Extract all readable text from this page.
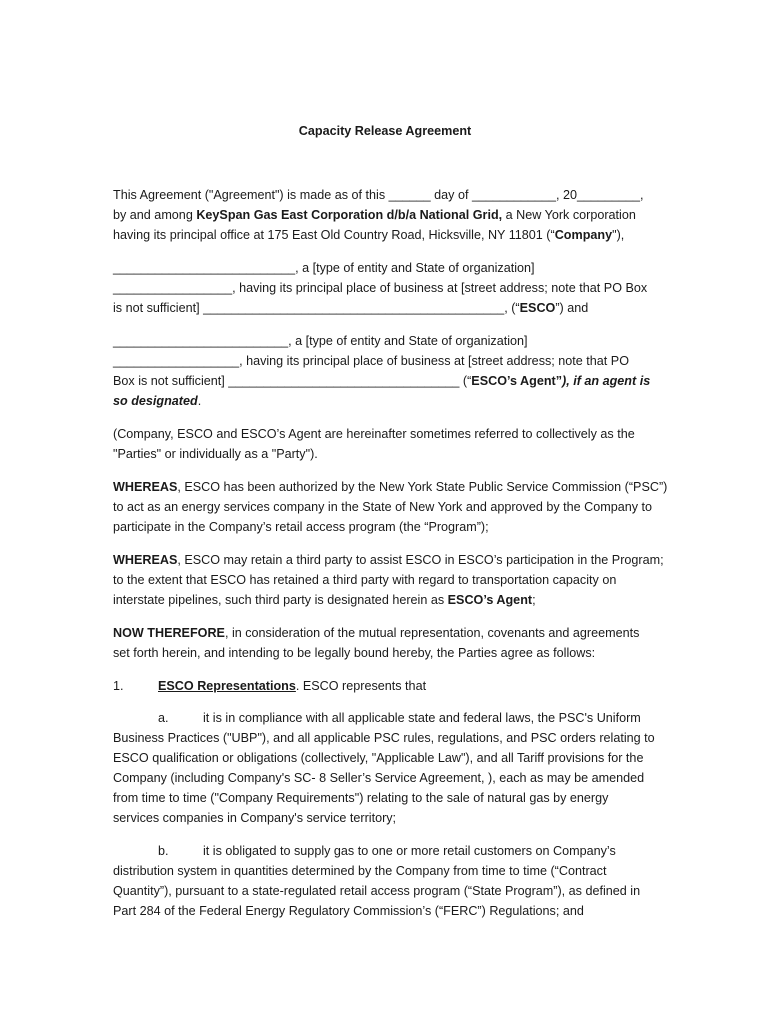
Capacity Release Agreement
This Agreement ("Agreement") is made as of this ______ day of ____________, 20_________,
by and among KeySpan Gas East Corporation d/b/a National Grid, a New York corporation
having its principal office at 175 East Old Country Road, Hicksville, NY 11801 (“Company"),
__________________________, a [type of entity and State of organization]
_________________, having its principal place of business at [street address; note that PO Box
is not sufficient] ___________________________________________, (“ESCO”) and
_________________________, a [type of entity and State of organization]
__________________, having its principal place of business at [street address; note that PO
Box is not sufficient] _________________________________ (“ESCO’s Agent”), if an agent is
so designated.
(Company, ESCO and ESCO’s Agent are hereinafter sometimes referred to collectively as the
"Parties" or individually as a "Party").
WHEREAS, ESCO has been authorized by the New York State Public Service Commission (“PSC”)
to act as an energy services company in the State of New York and approved by the Company to
participate in the Company’s retail access program (the “Program”);
WHEREAS, ESCO may retain a third party to assist ESCO in ESCO’s participation in the Program;
to the extent that ESCO has retained a third party with regard to transportation capacity on
interstate pipelines, such third party is designated herein as ESCO’s Agent;
NOW THEREFORE, in consideration of the mutual representation, covenants and agreements
set forth herein, and intending to be legally bound hereby, the Parties agree as follows:
1.	ESCO Representations. ESCO represents that
a.	it is in compliance with all applicable state and federal laws, the PSC's Uniform
Business Practices ("UBP"), and all applicable PSC rules, regulations, and PSC orders relating to
ESCO qualification or obligations (collectively, "Applicable Law"), and all Tariff provisions for the
Company (including Company's SC- 8 Seller’s Service Agreement, ), each as may be amended
from time to time ("Company Requirements") relating to the sale of natural gas by energy
services companies in Company's service territory;
b.	it is obligated to supply gas to one or more retail customers on Company’s
distribution system in quantities determined by the Company from time to time (“Contract
Quantity”), pursuant to a state-regulated retail access program (“State Program”), as defined in
Part 284 of the Federal Energy Regulatory Commission’s (“FERC”) Regulations; and
